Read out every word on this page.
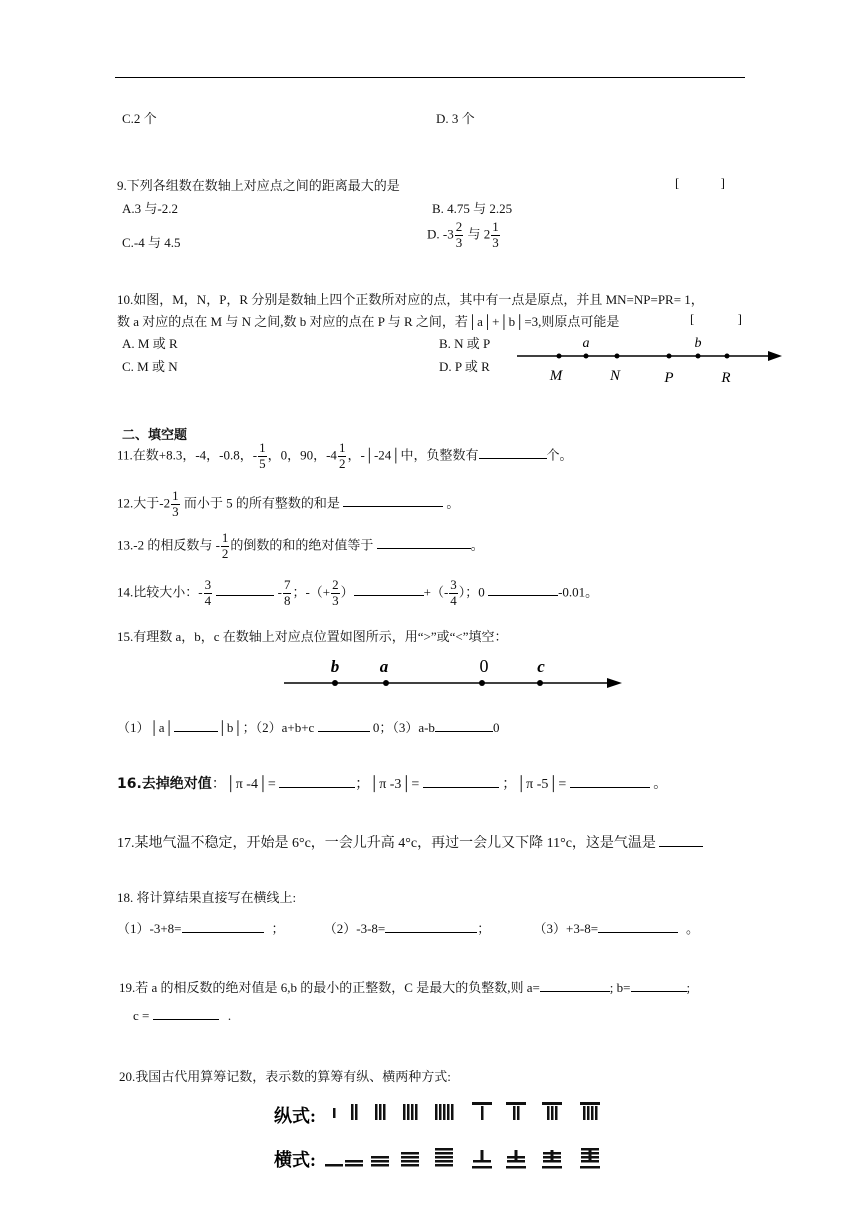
C.2 个	D. 3 个
9.下列各组数在数轴上对应点之间的距离最大的是	[ ]
A.3 与-2.2	B. 4.75 与 2.25
C.-4 与 4.5
D. $-3 \frac{2}{3}$ 与 $2 \frac{1}{3}$
10.如图，M，N，P，R 分别是数轴上四个正数所对应的点，其中有一点是原点，并且 MN=NP=PR= 1，
数 a 对应的点在 M 与 N 之间,数 b 对应的点在 P 与 R 之间，若│a│+│b│=3,则原点可能是	[ ]
A. M 或 R	B. N 或 P
C. M 或 N	D. P 或 R
a	b
M	N	P	R
二、填空题
11.在数+8.3，-4，-0.8，- $\frac{1}{5}$ ，0，90，$-4 \frac{1}{2}$ ，-│-24│中，负整数有	个。
12.大于$-2 \frac{1}{3}$ 而小于 5 的所有整数的和是	。
13.-2 的相反数与 - $\frac{1}{2}$ 的倒数的和的绝对值等于	。
14.比较大小：- $\frac{3}{4}$	- $\frac{7}{8}$ ；-（+ $\frac{2}{3}$ ）	+（- $\frac{3}{4}$ ）；0	-0.01。
15.有理数 a，b，c 在数轴上对应点位置如图所示，用“>”或“<”填空：
b a	0	c
（1）│a│	│b│；（2）a+b+c	0；（3）a-b	0
16.去掉绝对值：│π -4│=	；│π -3│=	；│π -5│=	。
17.某地气温不稳定，开始是 6°c，一会儿升高 4°c，再过一会儿又下降 11°c，这是气温是
18. 将计算结果直接写在横线上:
（1）-3+8=	；	（2）-3-8=	；	（3）+3-8=	。
19.若 a 的相反数的绝对值是 6,b 的最小的正整数，C 是最大的负整数,则 a=	; b=	;
c =	.
20.我国古代用算筹记数，表示数的算筹有纵、横两种方式:
纵式:
横式:
